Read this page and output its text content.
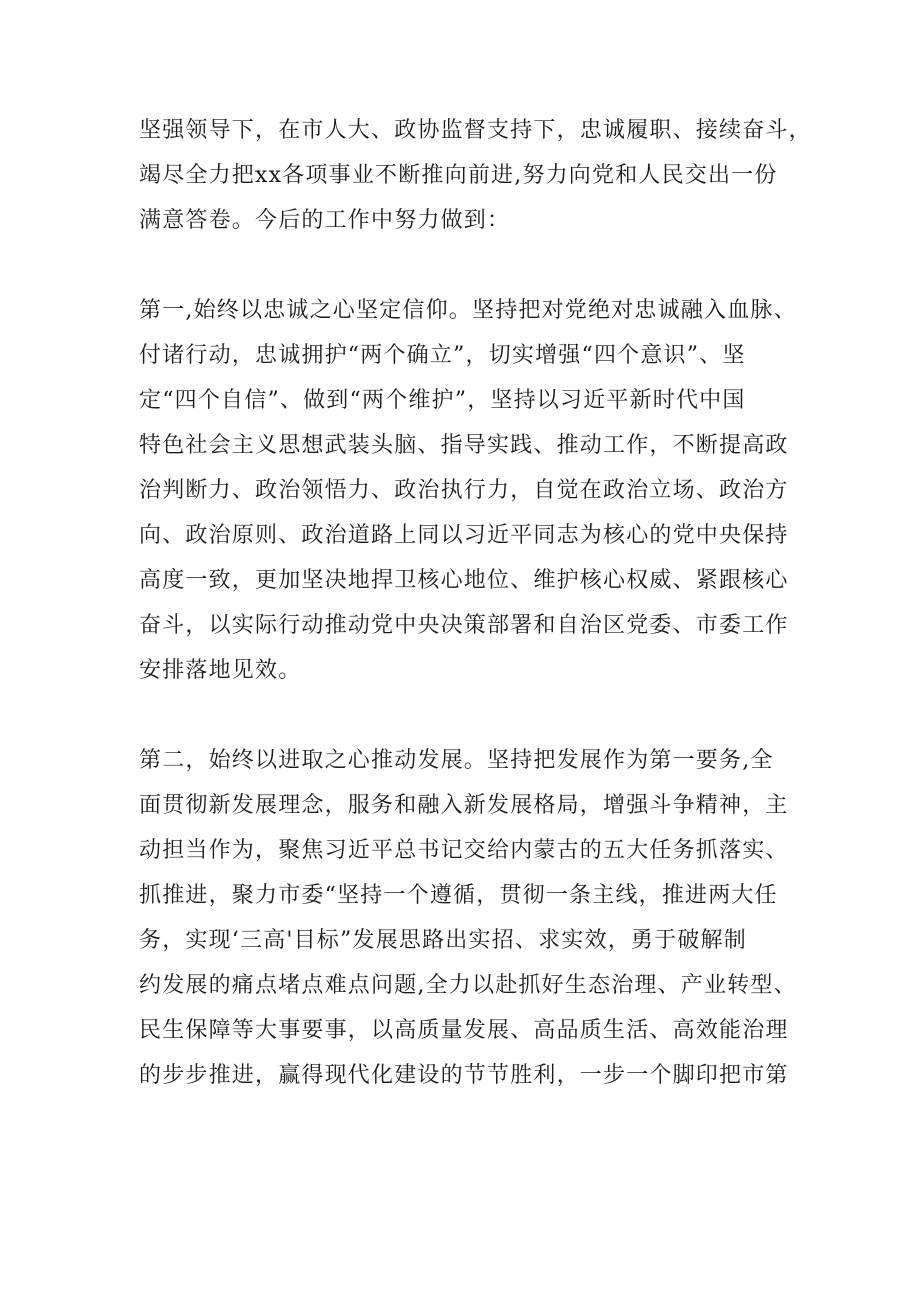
坚强领导下，在市人大、政协监督支持下，忠诚履职、接续奋斗，
竭尽全力把xx各项事业不断推向前进,努力向党和人民交出一份
满意答卷。今后的工作中努力做到：
第一,始终以忠诚之心坚定信仰。坚持把对党绝对忠诚融入血脉、
付诸行动，忠诚拥护“两个确立”，切实增强“四个意识”、坚
定“四个自信”、做到“两个维护”，坚持以习近平新时代中国
特色社会主义思想武装头脑、指导实践、推动工作，不断提高政
治判断力、政治领悟力、政治执行力，自觉在政治立场、政治方
向、政治原则、政治道路上同以习近平同志为核心的党中央保持
高度一致，更加坚决地捍卫核心地位、维护核心权威、紧跟核心
奋斗，以实际行动推动党中央决策部署和自治区党委、市委工作
安排落地见效。
第二，始终以进取之心推动发展。坚持把发展作为第一要务,全
面贯彻新发展理念，服务和融入新发展格局，增强斗争精神，主
动担当作为，聚焦习近平总书记交给内蒙古的五大任务抓落实、
抓推进，聚力市委“坚持一个遵循，贯彻一条主线，推进两大任
务，实现‘三高'目标”发展思路出实招、求实效，勇于破解制
约发展的痛点堵点难点问题,全力以赴抓好生态治理、产业转型、
民生保障等大事要事，以高质量发展、高品质生活、高效能治理
的步步推进，赢得现代化建设的节节胜利，一步一个脚印把市第
